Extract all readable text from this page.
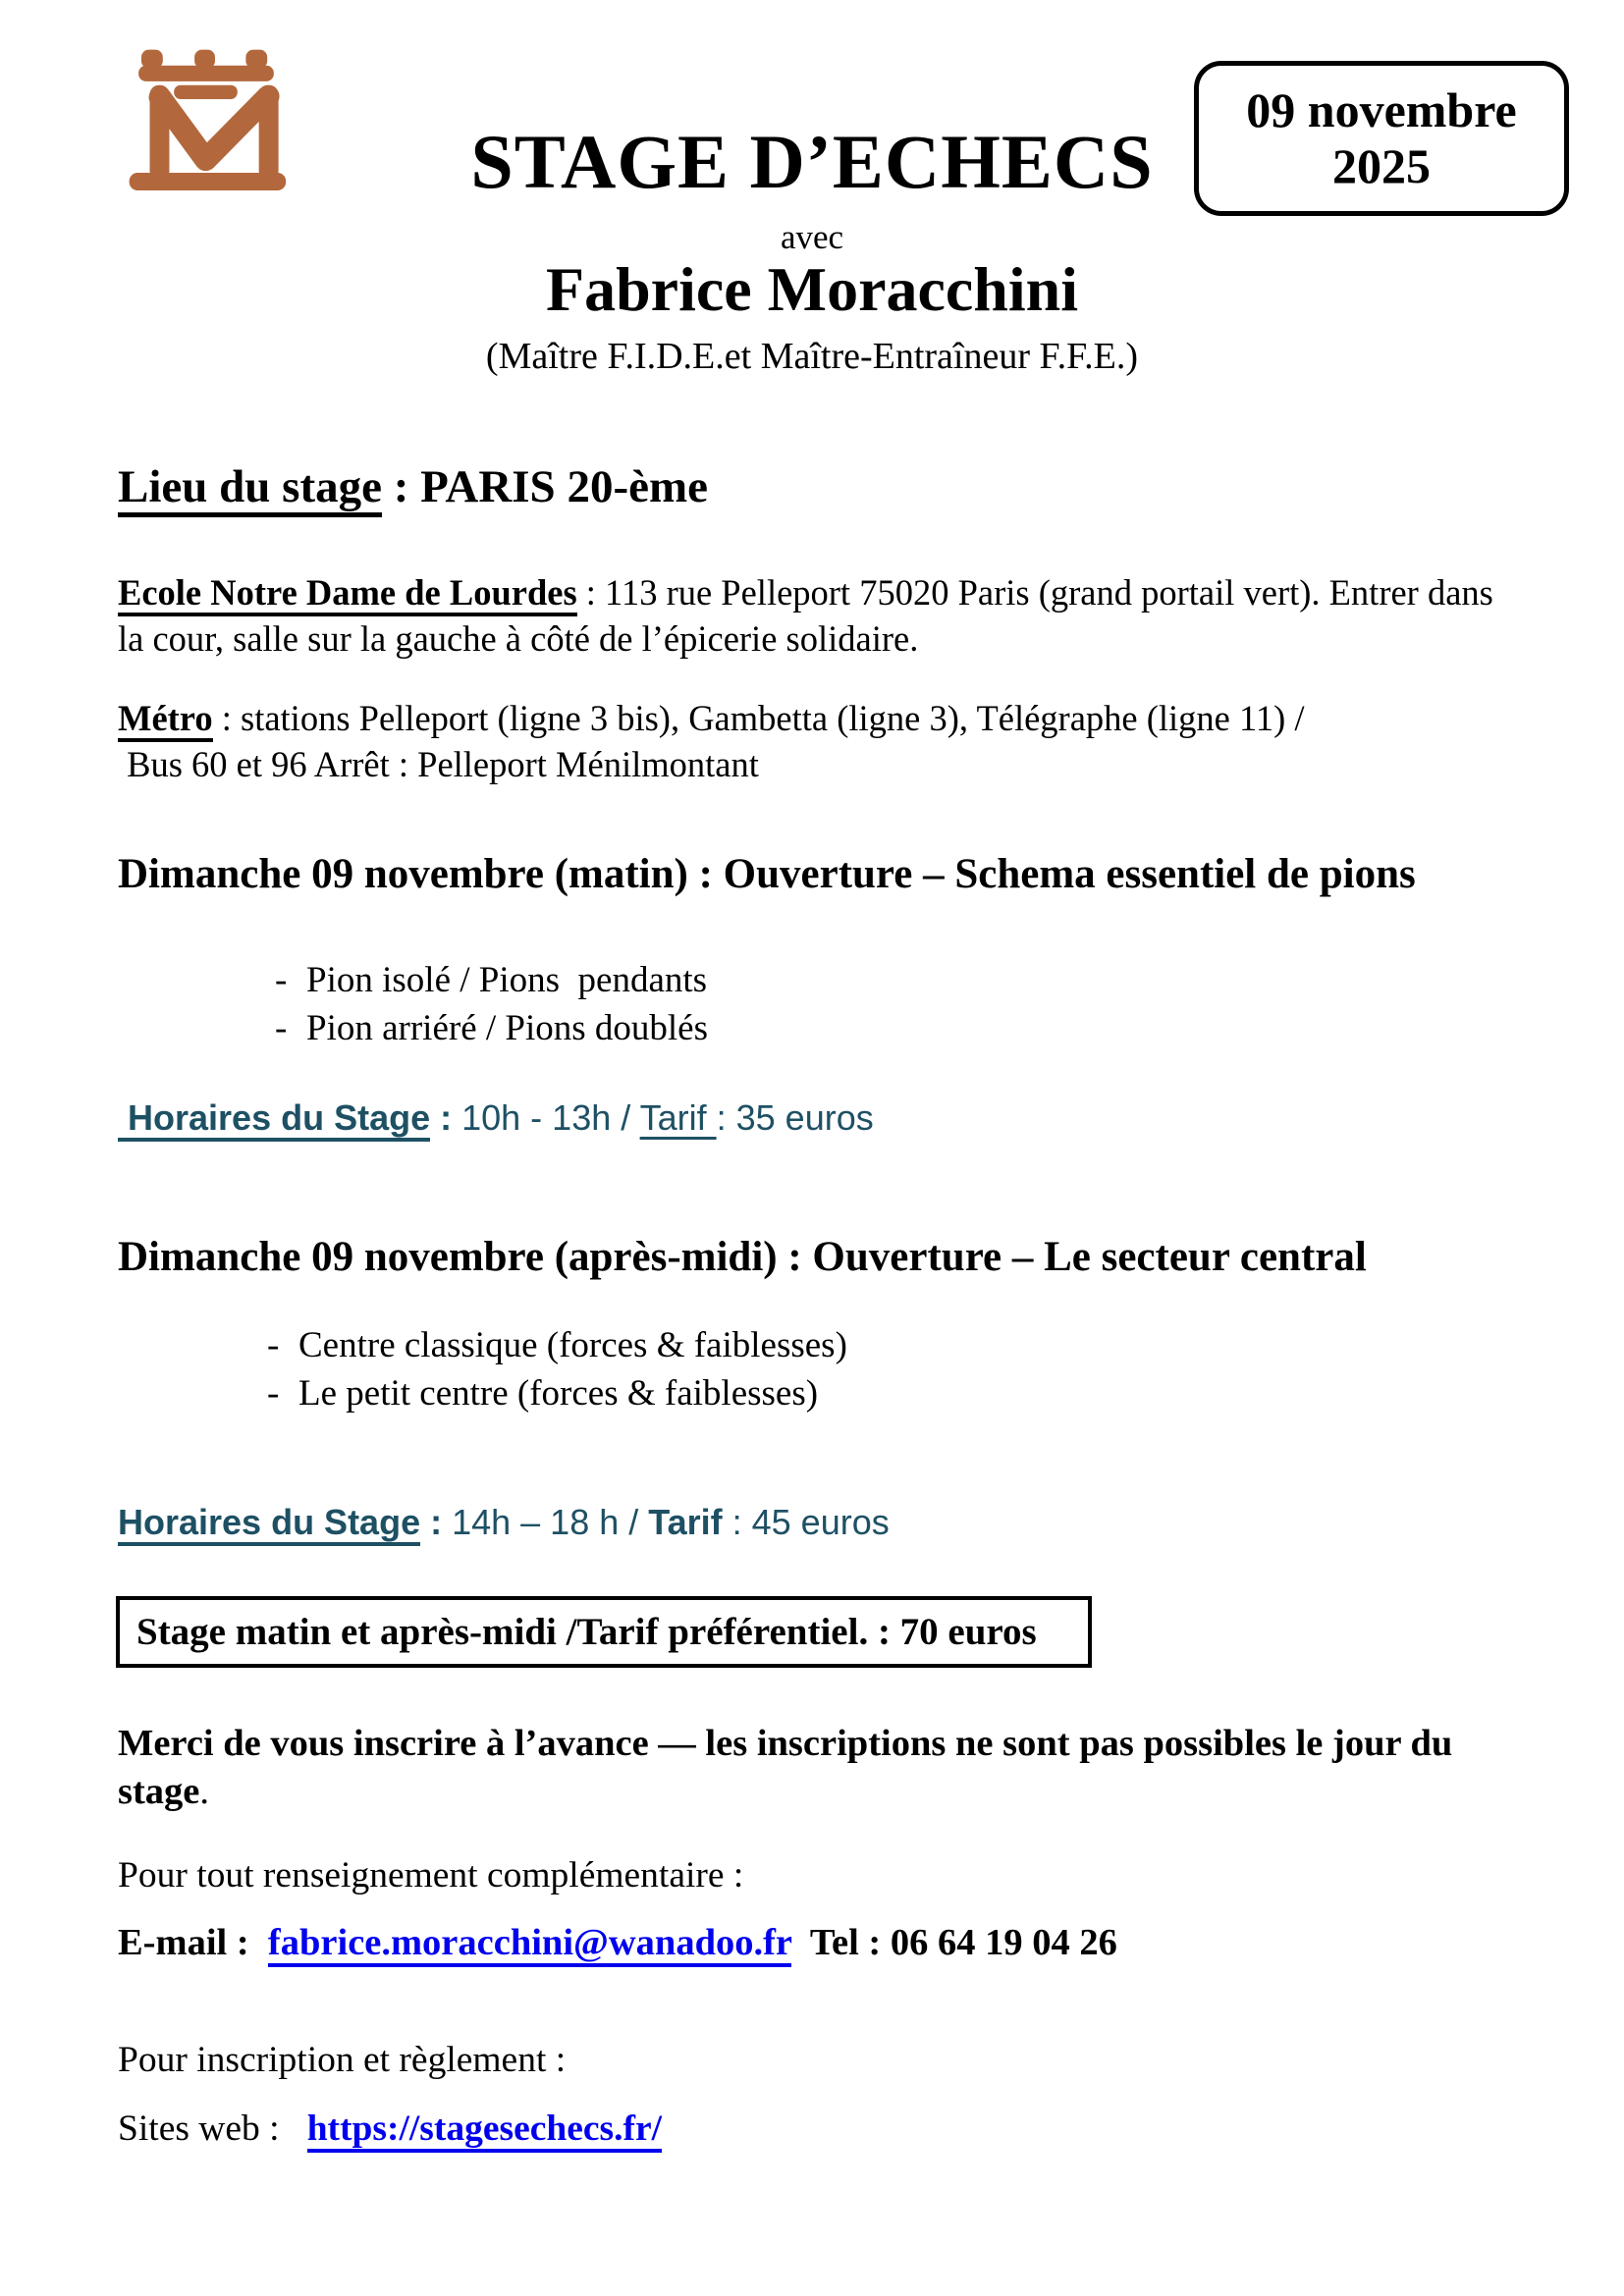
09 novembre
2025
STAGE D’ECHECS
avec
Fabrice Moracchini
(Maître F.I.D.E.et Maître-Entraîneur F.F.E.)
Lieu du stage : PARIS 20-ème
Ecole Notre Dame de Lourdes : 113 rue Pelleport 75020 Paris (grand portail vert). Entrer dans la cour, salle sur la gauche à côté de l’épicerie solidaire.
Métro : stations Pelleport (ligne 3 bis), Gambetta (ligne 3), Télégraphe (ligne 11) /
Bus 60 et 96 Arrêt : Pelleport Ménilmontant
Dimanche 09 novembre (matin) : Ouverture – Schema essentiel de pions
- Pion isolé / Pions  pendants
- Pion arriéré / Pions doublés
Horaires du Stage : 10h - 13h / Tarif : 35 euros
Dimanche 09 novembre (après-midi) : Ouverture – Le secteur central
- Centre classique (forces & faiblesses)
- Le petit centre (forces & faiblesses)
Horaires du Stage : 14h – 18 h / Tarif : 45 euros
Stage matin et après-midi /Tarif préférentiel. : 70 euros
Merci de vous inscrire à l’avance — les inscriptions ne sont pas possibles le jour du stage.
Pour tout renseignement complémentaire :
E-mail :  fabrice.moracchini@wanadoo.fr  Tel : 06 64 19 04 26
Pour inscription et règlement :
Sites web :   https://stagesechecs.fr/
